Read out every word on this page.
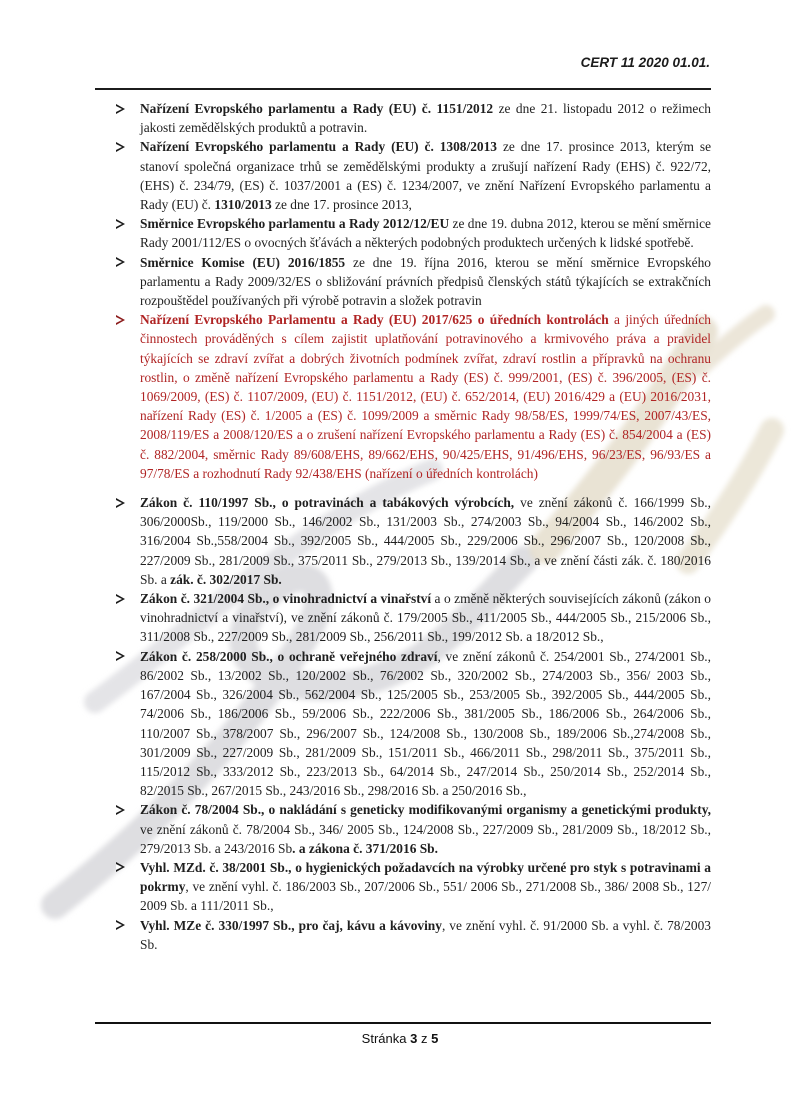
CERT 11 2020 01.01.
Nařízení Evropského parlamentu a Rady (EU) č. 1151/2012 ze dne 21. listopadu 2012 o režimech jakosti zemědělských produktů a potravin.
Nařízení Evropského parlamentu a Rady (EU) č. 1308/2013 ze dne 17. prosince 2013, kterým se stanoví společná organizace trhů se zemědělskými produkty a zrušují nařízení Rady (EHS) č. 922/72, (EHS) č. 234/79, (ES) č. 1037/2001 a (ES) č. 1234/2007, ve znění Nařízení Evropského parlamentu a Rady (EU) č. 1310/2013 ze dne 17. prosince 2013,
Směrnice Evropského parlamentu a Rady 2012/12/EU ze dne 19. dubna 2012, kterou se mění směrnice Rady 2001/112/ES o ovocných šťávách a některých podobných produktech určených k lidské spotřebě.
Směrnice Komise (EU) 2016/1855 ze dne 19. října 2016, kterou se mění směrnice Evropského parlamentu a Rady 2009/32/ES o sbližování právních předpisů členských států týkajících se extrakčních rozpouštědel používaných při výrobě potravin a složek potravin
Nařízení Evropského Parlamentu a Rady (EU) 2017/625 o úředních kontrolách a jiných úředních činnostech prováděných s cílem zajistit uplatňování potravinového a krmivového práva a pravidel týkajících se zdraví zvířat a dobrých životních podmínek zvířat, zdraví rostlin a přípravků na ochranu rostlin, o změně nařízení Evropského parlamentu a Rady (ES) č. 999/2001, (ES) č. 396/2005, (ES) č. 1069/2009, (ES) č. 1107/2009, (EU) č. 1151/2012, (EU) č. 652/2014, (EU) 2016/429 a (EU) 2016/2031, nařízení Rady (ES) č. 1/2005 a (ES) č. 1099/2009 a směrnic Rady 98/58/ES, 1999/74/ES, 2007/43/ES, 2008/119/ES a 2008/120/ES a o zrušení nařízení Evropského parlamentu a Rady (ES) č. 854/2004 a (ES) č. 882/2004, směrnic Rady 89/608/EHS, 89/662/EHS, 90/425/EHS, 91/496/EHS, 96/23/ES, 96/93/ES a 97/78/ES a rozhodnutí Rady 92/438/EHS (nařízení o úředních kontrolách)
Zákon č. 110/1997 Sb., o potravinách a tabákových výrobcích, ve znění zákonů č. 166/1999 Sb., 306/2000Sb., 119/2000 Sb., 146/2002 Sb., 131/2003 Sb., 274/2003 Sb., 94/2004 Sb., 146/2002 Sb., 316/2004 Sb.,558/2004 Sb., 392/2005 Sb., 444/2005 Sb., 229/2006 Sb., 296/2007 Sb., 120/2008 Sb., 227/2009 Sb., 281/2009 Sb., 375/2011 Sb., 279/2013 Sb., 139/2014 Sb., a ve znění části zák. č. 180/2016 Sb. a zák. č. 302/2017 Sb.
Zákon č. 321/2004 Sb., o vinohradnictví a vinařství a o změně některých souvisejících zákonů (zákon o vinohradnictví a vinařství), ve znění zákonů č. 179/2005 Sb., 411/2005 Sb., 444/2005 Sb., 215/2006 Sb., 311/2008 Sb., 227/2009 Sb., 281/2009 Sb., 256/2011 Sb., 199/2012 Sb. a 18/2012 Sb.,
Zákon č. 258/2000 Sb., o ochraně veřejného zdraví, ve znění zákonů č. 254/2001 Sb., 274/2001 Sb., 86/2002 Sb., 13/2002 Sb., 120/2002 Sb., 76/2002 Sb., 320/2002 Sb., 274/2003 Sb., 356/ 2003 Sb., 167/2004 Sb., 326/2004 Sb., 562/2004 Sb., 125/2005 Sb., 253/2005 Sb., 392/2005 Sb., 444/2005 Sb., 74/2006 Sb., 186/2006 Sb., 59/2006 Sb., 222/2006 Sb., 381/2005 Sb., 186/2006 Sb., 264/2006 Sb., 110/2007 Sb., 378/2007 Sb., 296/2007 Sb., 124/2008 Sb., 130/2008 Sb., 189/2006 Sb.,274/2008 Sb., 301/2009 Sb., 227/2009 Sb., 281/2009 Sb., 151/2011 Sb., 466/2011 Sb., 298/2011 Sb., 375/2011 Sb., 115/2012 Sb., 333/2012 Sb., 223/2013 Sb., 64/2014 Sb., 247/2014 Sb., 250/2014 Sb., 252/2014 Sb., 82/2015 Sb., 267/2015 Sb., 243/2016 Sb., 298/2016 Sb. a 250/2016 Sb.,
Zákon č. 78/2004 Sb., o nakládání s geneticky modifikovanými organismy a genetickými produkty, ve znění zákonů č. 78/2004 Sb., 346/ 2005 Sb., 124/2008 Sb., 227/2009 Sb., 281/2009 Sb., 18/2012 Sb., 279/2013 Sb. a 243/2016 Sb. a zákona č. 371/2016 Sb.
Vyhl. MZd. č. 38/2001 Sb., o hygienických požadavcích na výrobky určené pro styk s potravinami a pokrmy, ve znění vyhl. č. 186/2003 Sb., 207/2006 Sb., 551/ 2006 Sb., 271/2008 Sb., 386/ 2008 Sb., 127/ 2009 Sb. a 111/2011 Sb.,
Vyhl. MZe č. 330/1997 Sb., pro čaj, kávu a kávoviny, ve znění vyhl. č. 91/2000 Sb. a vyhl. č. 78/2003 Sb.
Stránka 3 z 5
